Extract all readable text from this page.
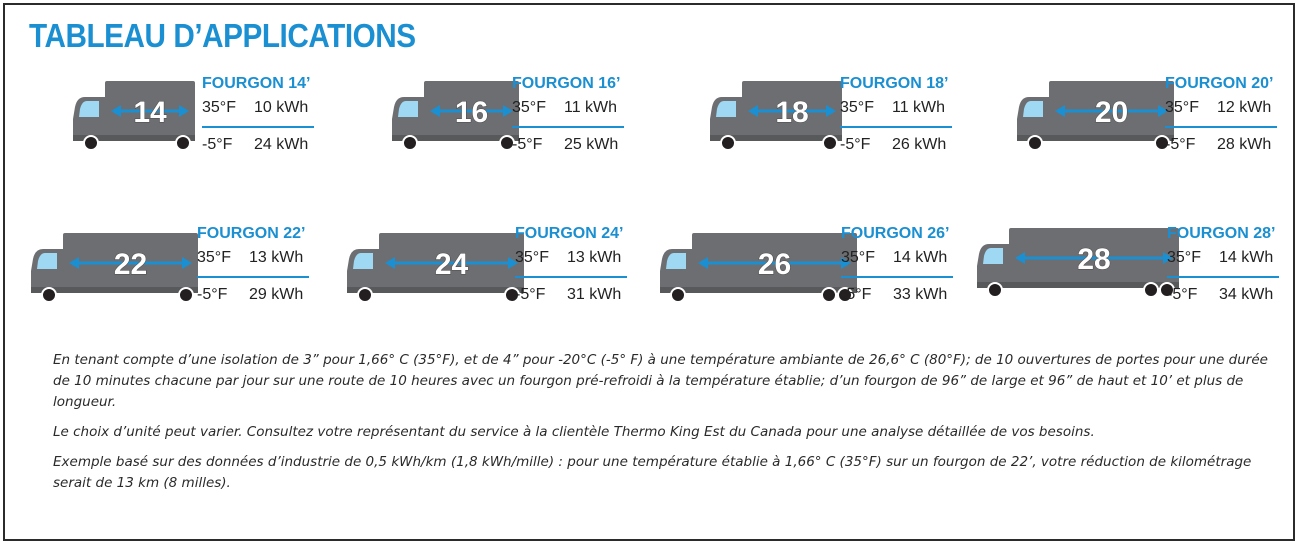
TABLEAU D’APPLICATIONS
14
FOURGON 14’
35°F 10 kWh
-5°F 24 kWh
16
FOURGON 16’
35°F 11 kWh
-5°F 25 kWh
18
FOURGON 18’
35°F 11 kWh
-5°F 26 kWh
20
FOURGON 20’
35°F 12 kWh
-5°F 28 kWh
22
FOURGON 22’
35°F 13 kWh
-5°F 29 kWh
24
FOURGON 24’
35°F 13 kWh
-5°F 31 kWh
26
FOURGON 26’
35°F 14 kWh
-5°F 33 kWh
28
FOURGON 28’
35°F 14 kWh
-5°F 34 kWh

En tenant compte d’une isolation de 3” pour 1,66° C (35°F), et de 4” pour -20°C (-5° F) à une température ambiante de 26,6° C (80°F); de 10 ouvertures de portes pour une durée de 10 minutes chacune par jour sur une route de 10 heures avec un fourgon pré-refroidi à la température établie; d’un fourgon de 96” de large et 96” de haut et 10’ et plus de longueur.

Le choix d’unité peut varier. Consultez votre représentant du service à la clientèle Thermo King Est du Canada pour une analyse détaillée de vos besoins.

Exemple basé sur des données d’industrie de 0,5 kWh/km (1,8 kWh/mille) : pour une température établie à 1,66° C (35°F) sur un fourgon de 22’, votre réduction de kilométrage serait de 13 km (8 milles).
